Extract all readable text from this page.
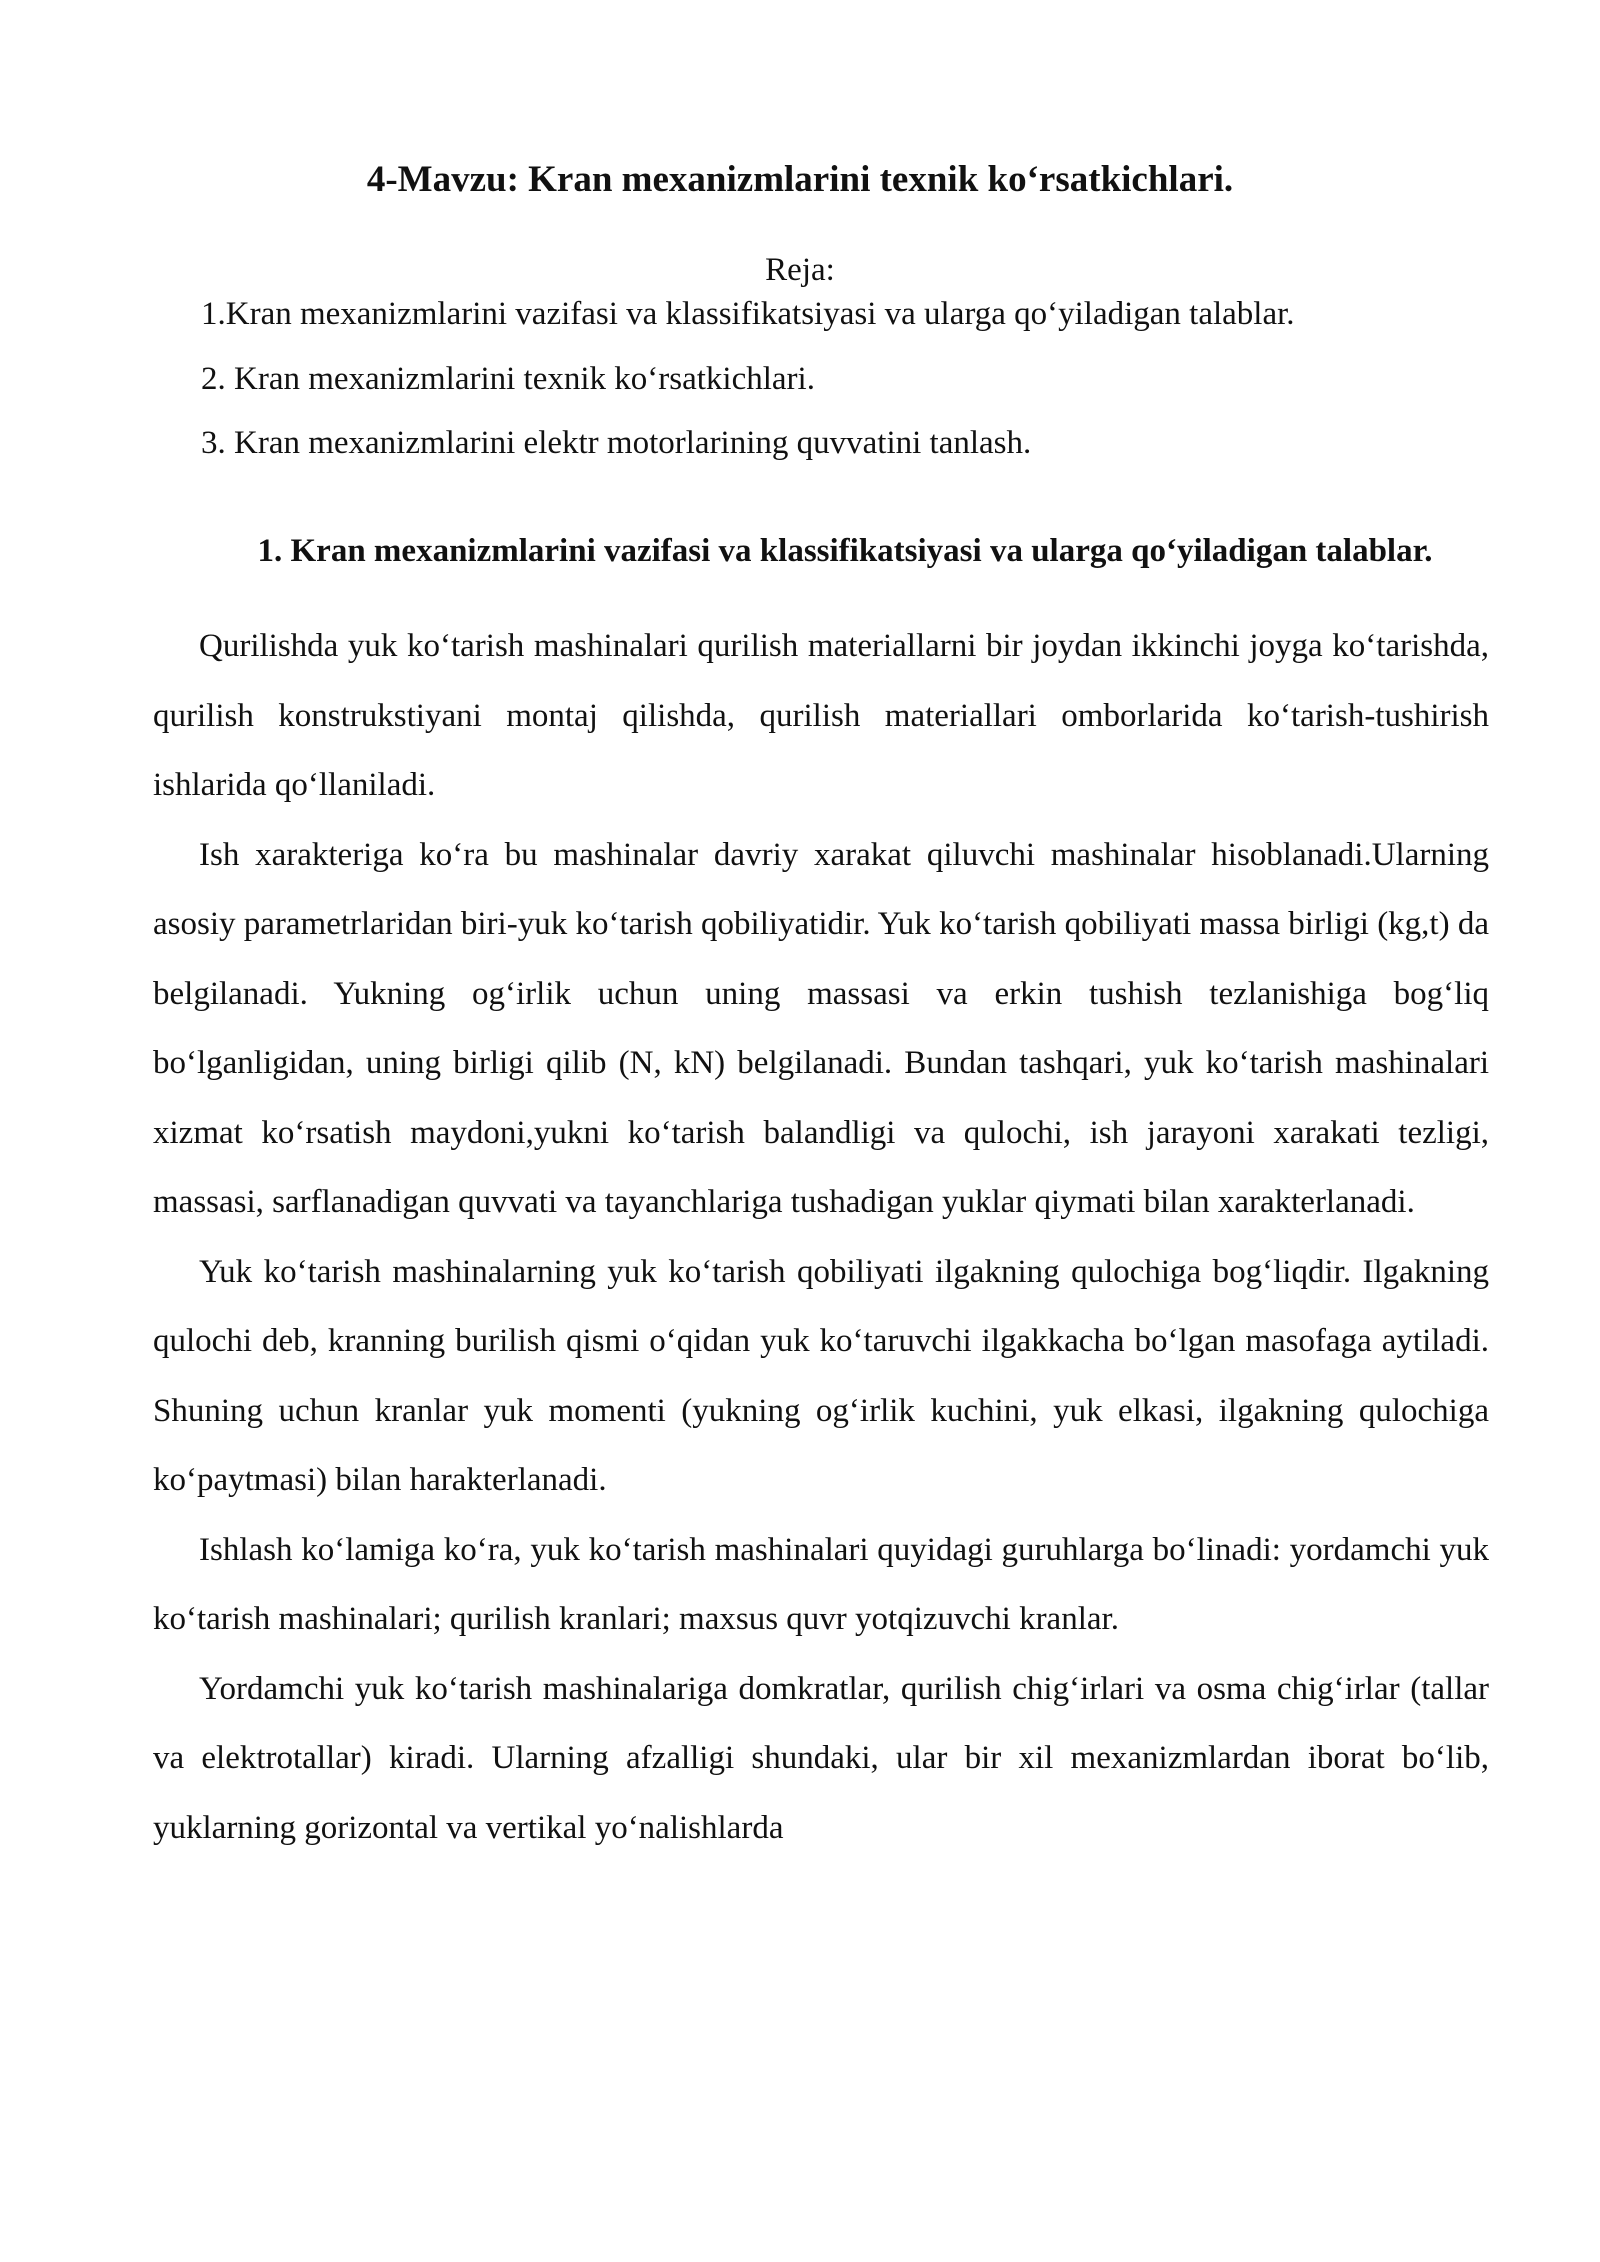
4-Mavzu: Kran mexanizmlarini texnik ko‘rsatkichlari.
Reja:
1.Kran mexanizmlarini vazifasi va klassifikatsiyasi va ularga qo‘yiladigan talablar.
2. Kran mexanizmlarini texnik ko‘rsatkichlari.
3. Kran mexanizmlarini elektr motorlarining quvvatini tanlash.
1. Kran mexanizmlarini vazifasi va klassifikatsiyasi va ularga qo‘yiladigan talablar.

Qurilishda yuk ko‘tarish mashinalari qurilish materiallarni bir joydan ikkinchi joyga ko‘tarishda, qurilish konstrukstiyani montaj qilishda, qurilish materiallari omborlarida ko‘tarish-tushirish ishlarida qo‘llaniladi.

Ish xarakteriga ko‘ra bu mashinalar davriy xarakat qiluvchi mashinalar hisoblanadi.Ularning asosiy parametrlaridan biri-yuk ko‘tarish qobiliyatidir. Yuk ko‘tarish qobiliyati massa birligi (kg,t) da belgilanadi. Yukning og‘irlik uchun uning massasi va erkin tushish tezlanishiga bog‘liq bo‘lganligidan, uning birligi qilib (N, kN) belgilanadi. Bundan tashqari, yuk ko‘tarish mashinalari xizmat ko‘rsatish maydoni,yukni ko‘tarish balandligi va qulochi, ish jarayoni xarakati tezligi, massasi, sarflanadigan quvvati va tayanchlariga tushadigan yuklar qiymati bilan xarakterlanadi.

Yuk ko‘tarish mashinalarning yuk ko‘tarish qobiliyati ilgakning qulochiga bog‘liqdir. Ilgakning qulochi deb, kranning burilish qismi o‘qidan yuk ko‘taruvchi ilgakkacha bo‘lgan masofaga aytiladi. Shuning uchun kranlar yuk momenti (yukning og‘irlik kuchini, yuk elkasi, ilgakning qulochiga ko‘paytmasi) bilan harakterlanadi.

Ishlash ko‘lamiga ko‘ra, yuk ko‘tarish mashinalari quyidagi guruhlarga bo‘linadi: yordamchi yuk ko‘tarish mashinalari; qurilish kranlari; maxsus quvr yotqizuvchi kranlar.

Yordamchi yuk ko‘tarish mashinalariga domkratlar, qurilish chig‘irlari va osma chig‘irlar (tallar va elektrotallar) kiradi. Ularning afzalligi shundaki, ular bir xil mexanizmlardan iborat bo‘lib, yuklarning gorizontal va vertikal yo‘nalishlarda
